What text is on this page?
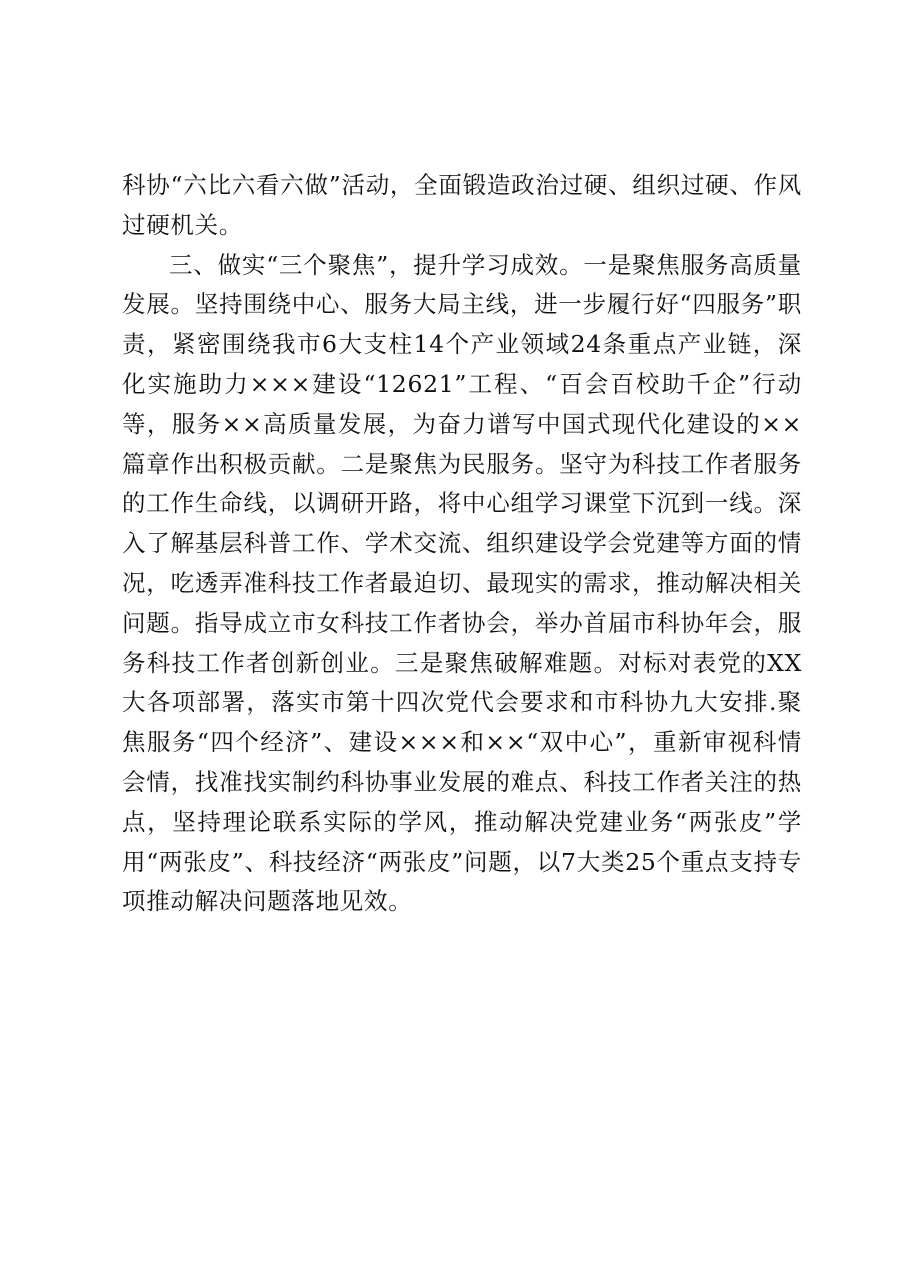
科协“六比六看六做”活动，全面锻造政治过硬、组织过硬、作风过硬机关。

三、做实“三个聚焦”，提升学习成效。一是聚焦服务高质量发展。坚持围绕中心、服务大局主线，进一步履行好“四服务”职责，紧密围绕我市6大支柱14个产业领域24条重点产业链，深化实施助力×××建设“12621”工程、“百会百校助千企”行动等，服务××高质量发展，为奋力谱写中国式现代化建设的××篇章作出积极贡献。二是聚焦为民服务。坚守为科技工作者服务的工作生命线，以调研开路，将中心组学习课堂下沉到一线。深入了解基层科普工作、学术交流、组织建设学会党建等方面的情况，吃透弄准科技工作者最迫切、最现实的需求，推动解决相关问题。指导成立市女科技工作者协会，举办首届市科协年会，服务科技工作者创新创业。三是聚焦破解难题。对标对表党的XX大各项部署，落实市第十四次党代会要求和市科协九大安排.聚焦服务“四个经济”、建设×××和××“双中心”，重新审视科情会情，找准找实制约科协事业发展的难点、科技工作者关注的热点，坚持理论联系实际的学风，推动解决党建业务“两张皮”学用“两张皮”、科技经济“两张皮”问题，以7大类25个重点支持专项推动解决问题落地见效。
